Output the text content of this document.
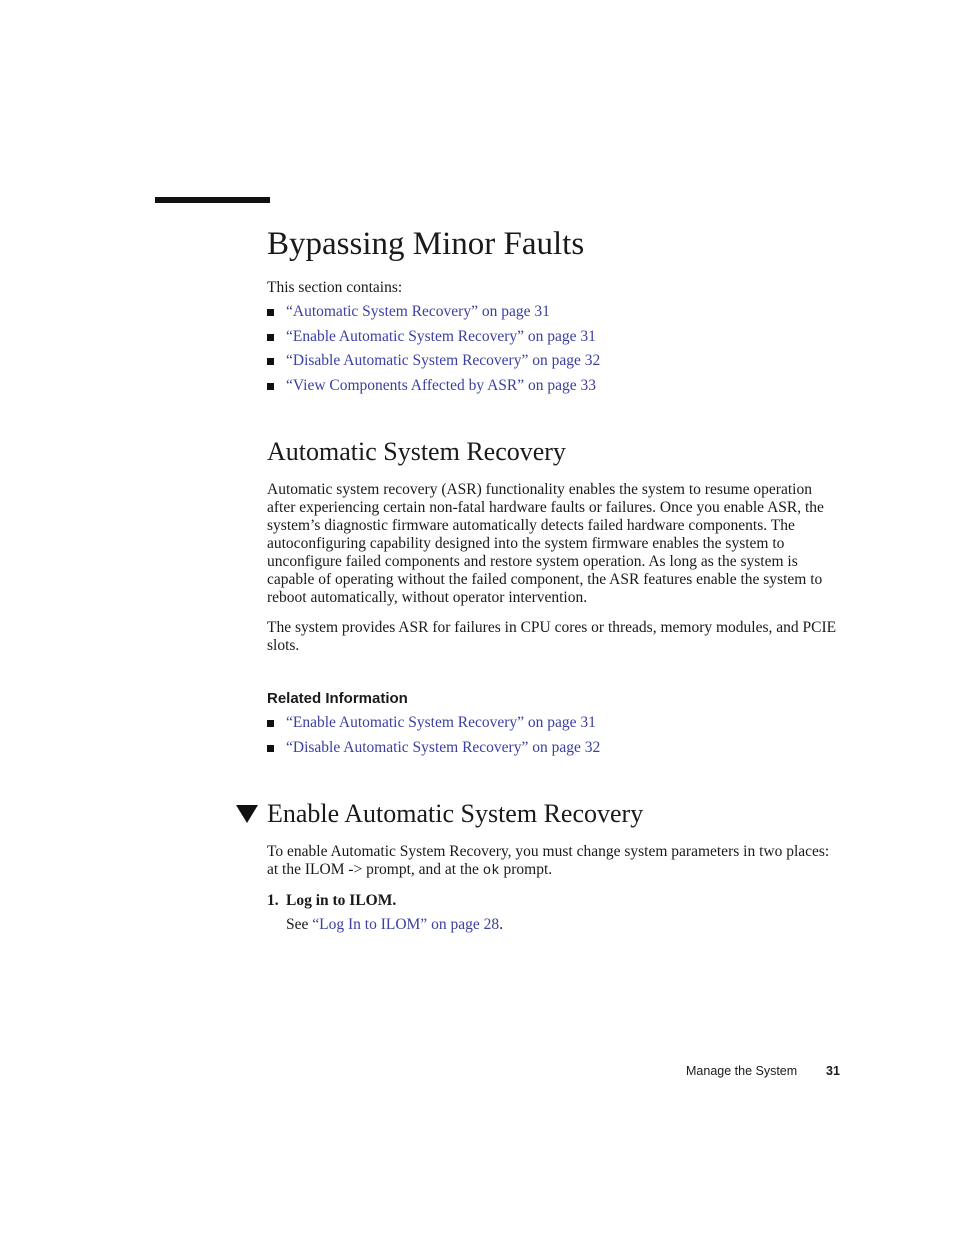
Bypassing Minor Faults

This section contains:

“Automatic System Recovery” on page 31
“Enable Automatic System Recovery” on page 31
“Disable Automatic System Recovery” on page 32
“View Components Affected by ASR” on page 33
Automatic System Recovery

Automatic system recovery (ASR) functionality enables the system to resume operation after experiencing certain non-fatal hardware faults or failures. Once you enable ASR, the system’s diagnostic firmware automatically detects failed hardware components. The autoconfiguring capability designed into the system firmware enables the system to unconfigure failed components and restore system operation. As long as the system is capable of operating without the failed component, the ASR features enable the system to reboot automatically, without operator intervention.

The system provides ASR for failures in CPU cores or threads, memory modules, and PCIE slots.

Related Information
“Enable Automatic System Recovery” on page 31
“Disable Automatic System Recovery” on page 32
Enable Automatic System Recovery

To enable Automatic System Recovery, you must change system parameters in two places: at the ILOM -> prompt, and at the ok prompt.

1. Log in to ILOM.

See “Log In to ILOM” on page 28.

Manage the System 31
